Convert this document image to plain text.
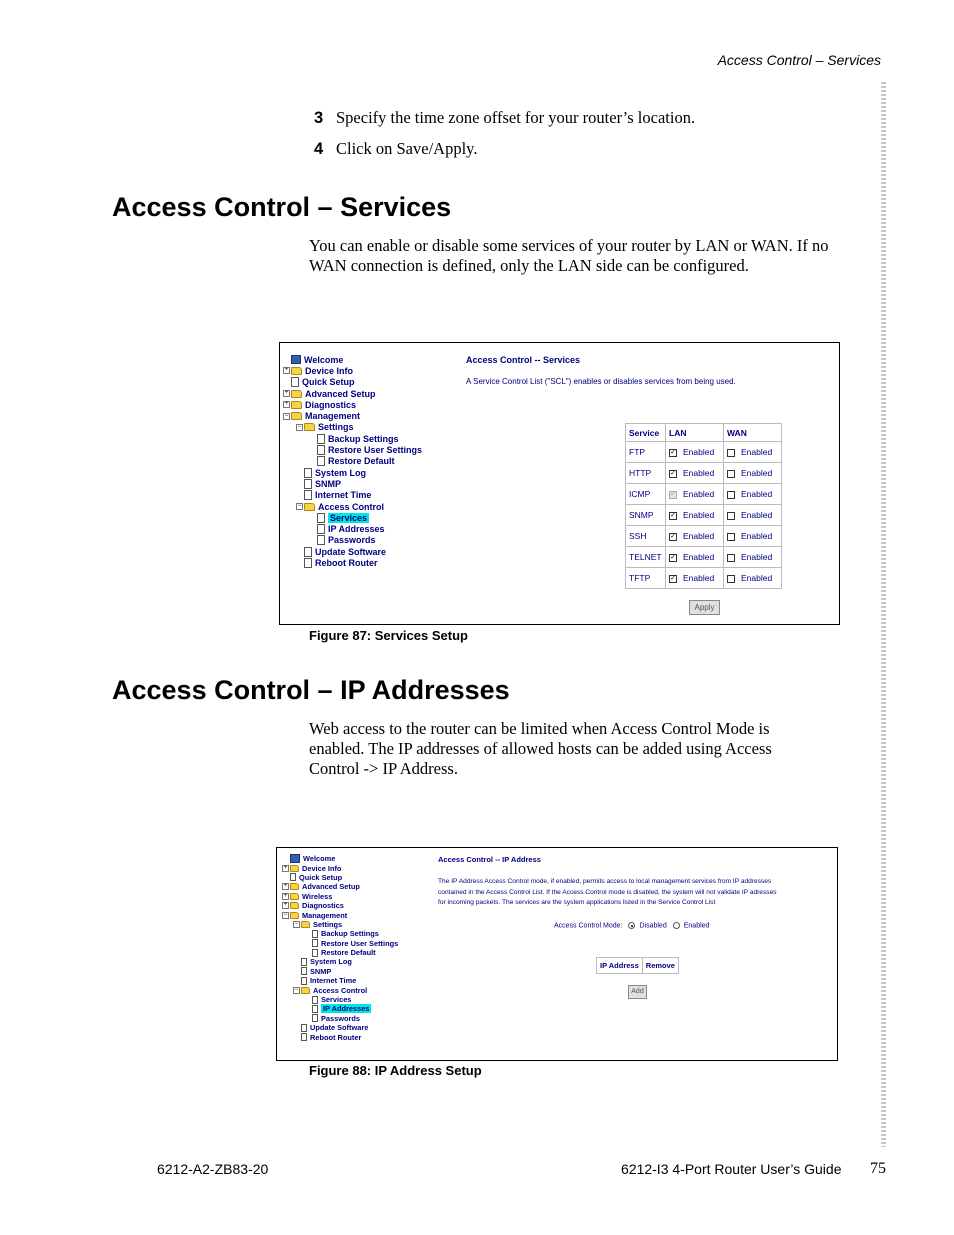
Access Control – Services
3 Specify the time zone offset for your router’s location.
4 Click on Save/Apply.
Access Control – Services

You can enable or disable some services of your router by LAN or WAN. If no WAN connection is defined, only the LAN side can be configured.

Welcome
+ Device Info
Quick Setup
+ Advanced Setup
+ Diagnostics
− Management
− Settings
Backup Settings
Restore User Settings
Restore Default
System Log
SNMP
Internet Time
− Access Control
Services
IP Addresses
Passwords
Update Software
Reboot Router
Access Control -- Services
A Service Control List ("SCL") enables or disables services from being used.
Service	LAN	WAN
FTP	✓ Enabled	Enabled
HTTP	✓ Enabled	Enabled
ICMP	✓ Enabled	Enabled
SNMP	✓ Enabled	Enabled
SSH	✓ Enabled	Enabled
TELNET	✓ Enabled	Enabled
TFTP	✓ Enabled	Enabled
Apply
Figure 87: Services Setup
Access Control – IP Addresses

Web access to the router can be limited when Access Control Mode is enabled. The IP addresses of allowed hosts can be added using Access Control -> IP Address.

Welcome
+ Device Info
Quick Setup
+ Advanced Setup
+ Wireless
+ Diagnostics
− Management
− Settings
Backup Settings
Restore User Settings
Restore Default
System Log
SNMP
Internet Time
− Access Control
Services
IP Addresses
Passwords
Update Software
Reboot Router
Access Control -- IP Address
The IP Address Access Control mode, if enabled, permits access to local management services from IP addresses
contained in the Access Control List. If the Access Control mode is disabled, the system will not validate IP adresses
for incoming packets. The services are the system applications listed in the Service Control List
Access Control Mode: Disabled Enabled
IP Address	Remove
Add
Figure 88: IP Address Setup
6212-A2-ZB83-20	6212-I3 4-Port Router User’s Guide 75
